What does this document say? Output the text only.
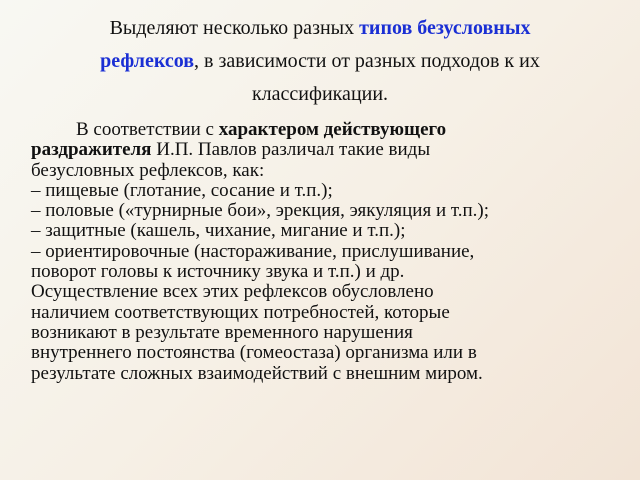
Выделяют несколько разных типов безусловных
рефлексов, в зависимости от разных подходов к их
классификации.
В соответствии с характером действующего
раздражителя И.П. Павлов различал такие виды
безусловных рефлексов, как:
– пищевые (глотание, сосание и т.п.);
– половые («турнирные бои», эрекция, эякуляция и т.п.);
– защитные (кашель, чихание, мигание и т.п.);
– ориентировочные (настораживание, прислушивание,
поворот головы к источнику звука и т.п.) и др.
Осуществление всех этих рефлексов обусловлено
наличием соответствующих потребностей, которые
возникают в результате временного нарушения
внутреннего постоянства (гомеостаза) организма или в
результате сложных взаимодействий с внешним миром.
